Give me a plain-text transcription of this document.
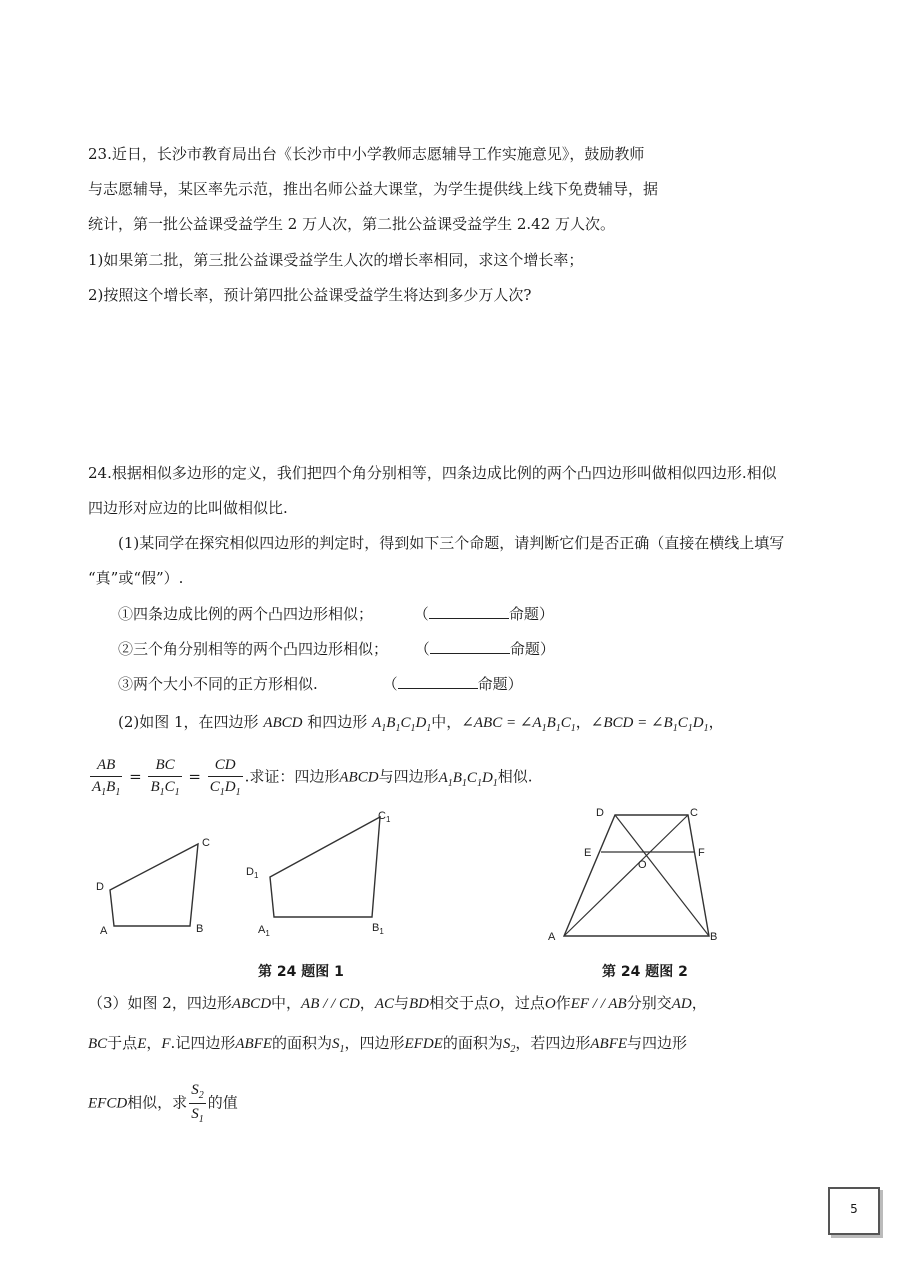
23.近日，长沙市教育局出台《长沙市中小学教师志愿辅导工作实施意见》，鼓励教师
与志愿辅导，某区率先示范，推出名师公益大课堂，为学生提供线上线下免费辅导，据
统计，第一批公益课受益学生 2 万人次，第二批公益课受益学生 2.42 万人次。
1)如果第二批，第三批公益课受益学生人次的增长率相同，求这个增长率；
2)按照这个增长率，预计第四批公益课受益学生将达到多少万人次?
24.根据相似多边形的定义，我们把四个角分别相等，四条边成比例的两个凸四边形叫做相似四边形.相似
四边形对应边的比叫做相似比.
(1)某同学在探究相似四边形的判定时，得到如下三个命题，请判断它们是否正确（直接在横线上填写
“真”或“假”）.
①四条边成比例的两个凸四边形相似；	（	命题）
②三个角分别相等的两个凸四边形相似； （	命题）
③两个大小不同的正方形相似.	（	命题）
(2)如图 1，在四边形 ABCD 和四边形 $A_1B_1C_1D_1$中，∠ABC = $\angle A_1B_1C_1$，∠BCD = $\angle B_1C_1D_1$，
$\frac{AB}{A_1B_1} = \frac{BC}{B_1C_1} = \frac{CD}{C_1D_1}$ .求证：四边形ABCD与四边形$A_1B_1C_1D_1$相似.
D
C
A	B
$D_1$
$C_1$
$A_1$	$B_1$
D	C
E	F
O
A	B
第 24 题图 1	第 24 题图 2
（3）如图 2，四边形ABCD中，AB / / CD，AC与BD相交于点O，过点O作EF / / AB分别交AD，
BC于点E，F.记四边形ABFE的面积为$S_1$，四边形EFDE的面积为$S_2$，若四边形ABFE与四边形
EFCD相似，求 $\frac{S_2}{S_1}$ 的值
5
